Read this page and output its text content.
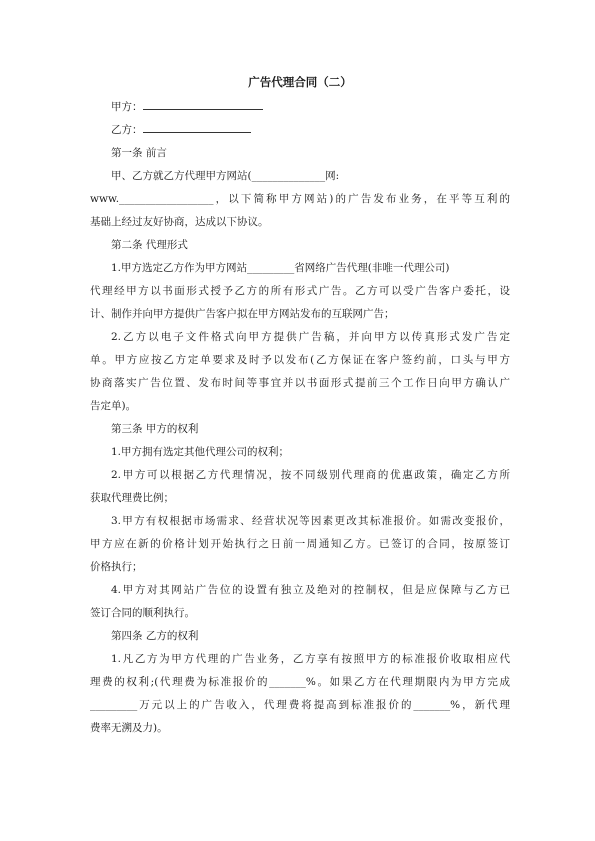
广告代理合同（二）
甲方：
乙方：
第一条 前言
甲、乙方就乙方代理甲方网站(______________网:
www.__________________，以下简称甲方网站)的广告发布业务，在平等互利的
基础上经过友好协商，达成以下协议。
第二条 代理形式
1.甲方选定乙方作为甲方网站_________省网络广告代理(非唯一代理公司)
代理经甲方以书面形式授予乙方的所有形式广告。乙方可以受广告客户委托，设
计、制作并向甲方提供广告客户拟在甲方网站发布的互联网广告；
2.乙方以电子文件格式向甲方提供广告稿，并向甲方以传真形式发广告定
单。甲方应按乙方定单要求及时予以发布(乙方保证在客户签约前，口头与甲方
协商落实广告位置、发布时间等事宜并以书面形式提前三个工作日向甲方确认广
告定单)。
第三条 甲方的权利
1.甲方拥有选定其他代理公司的权利；
2.甲方可以根据乙方代理情况，按不同级别代理商的优惠政策，确定乙方所
获取代理费比例；
3.甲方有权根据市场需求、经营状况等因素更改其标准报价。如需改变报价，
甲方应在新的价格计划开始执行之日前一周通知乙方。已签订的合同，按原签订
价格执行；
4.甲方对其网站广告位的设置有独立及绝对的控制权，但是应保障与乙方已
签订合同的顺利执行。
第四条 乙方的权利
1.凡乙方为甲方代理的广告业务，乙方享有按照甲方的标准报价收取相应代
理费的权利;(代理费为标准报价的_______%。如果乙方在代理期限内为甲方完成
_________万元以上的广告收入，代理费将提高到标准报价的_______%，新代理
费率无溯及力)。
